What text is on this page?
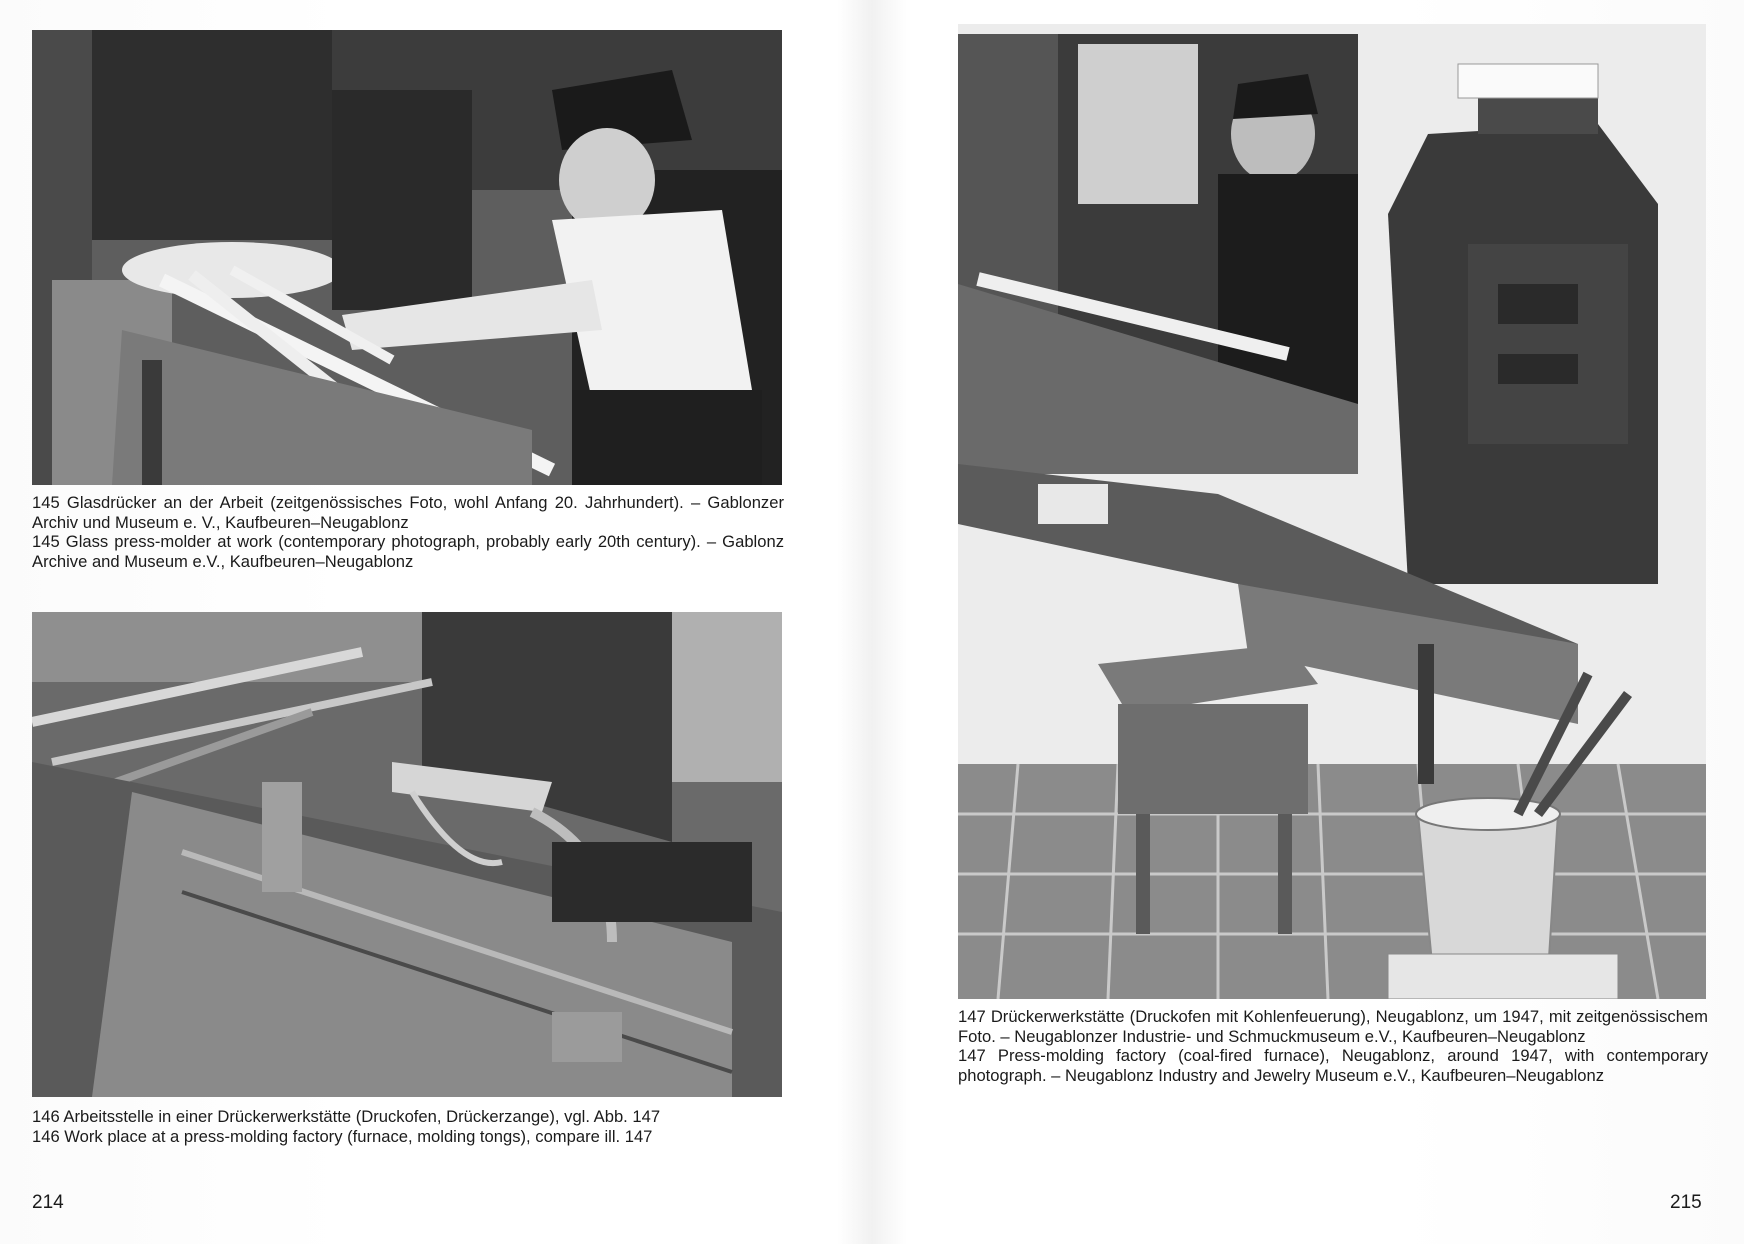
145 Glasdrücker an der Arbeit (zeitgenössisches Foto, wohl Anfang 20. Jahrhundert). – Gablonzer Archiv und Museum e. V., Kaufbeuren–Neugablonz

145 Glass press-molder at work (contemporary photograph, probably early 20th century). – Gablonz Archive and Museum e.V., Kaufbeuren–Neugablonz

146 Arbeitsstelle in einer Drückerwerkstätte (Druckofen, Drückerzange), vgl. Abb. 147

146 Work place at a press-molding factory (furnace, molding tongs), compare ill. 147

214

147 Drückerwerkstätte (Druckofen mit Kohlenfeuerung), Neugablonz, um 1947, mit zeitgenössischem Foto. – Neugablonzer Industrie- und Schmuckmuseum e.V., Kaufbeuren–Neugablonz

147 Press-molding factory (coal-fired furnace), Neugablonz, around 1947, with contemporary photograph. – Neugablonz Industry and Jewelry Museum e.V., Kaufbeuren–Neugablonz

215
